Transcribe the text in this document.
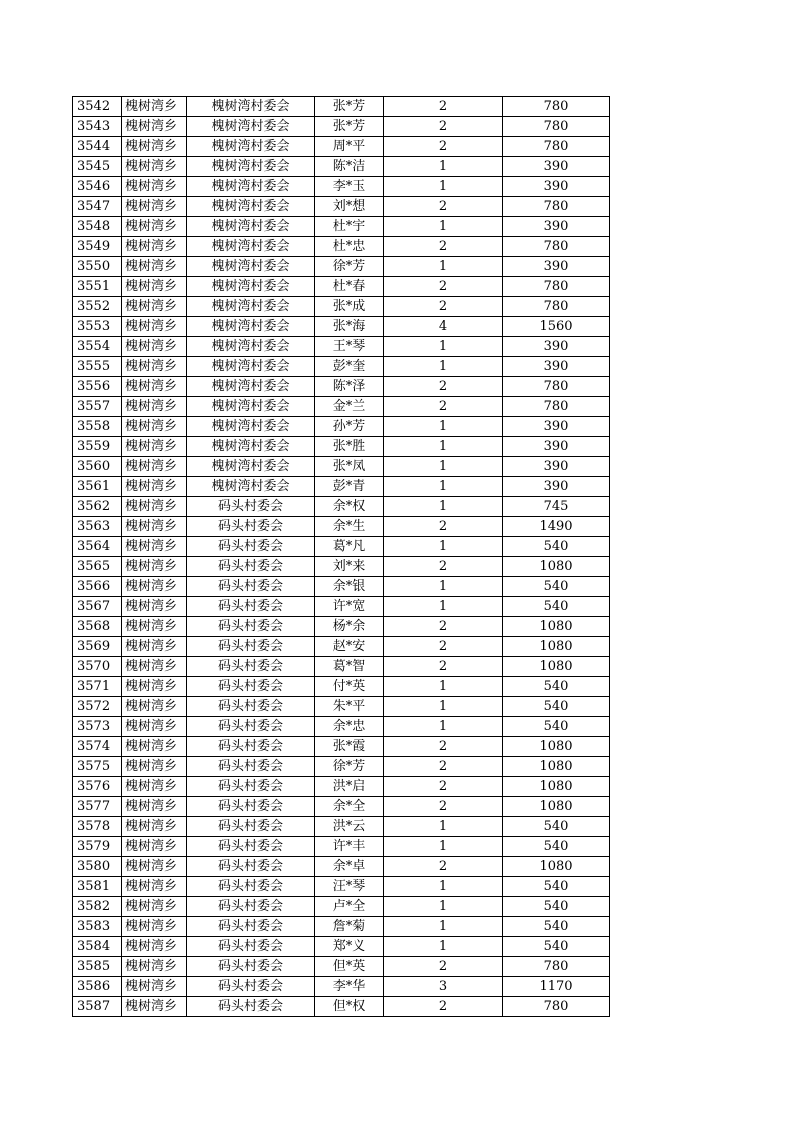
3542	槐树湾乡	槐树湾村委会	张*芳	2	780
3543	槐树湾乡	槐树湾村委会	张*芳	2	780
3544	槐树湾乡	槐树湾村委会	周*平	2	780
3545	槐树湾乡	槐树湾村委会	陈*洁	1	390
3546	槐树湾乡	槐树湾村委会	李*玉	1	390
3547	槐树湾乡	槐树湾村委会	刘*想	2	780
3548	槐树湾乡	槐树湾村委会	杜*宇	1	390
3549	槐树湾乡	槐树湾村委会	杜*忠	2	780
3550	槐树湾乡	槐树湾村委会	徐*芳	1	390
3551	槐树湾乡	槐树湾村委会	杜*春	2	780
3552	槐树湾乡	槐树湾村委会	张*成	2	780
3553	槐树湾乡	槐树湾村委会	张*海	4	1560
3554	槐树湾乡	槐树湾村委会	王*琴	1	390
3555	槐树湾乡	槐树湾村委会	彭*奎	1	390
3556	槐树湾乡	槐树湾村委会	陈*泽	2	780
3557	槐树湾乡	槐树湾村委会	金*兰	2	780
3558	槐树湾乡	槐树湾村委会	孙*芳	1	390
3559	槐树湾乡	槐树湾村委会	张*胜	1	390
3560	槐树湾乡	槐树湾村委会	张*凤	1	390
3561	槐树湾乡	槐树湾村委会	彭*青	1	390
3562	槐树湾乡	码头村委会	余*权	1	745
3563	槐树湾乡	码头村委会	余*生	2	1490
3564	槐树湾乡	码头村委会	葛*凡	1	540
3565	槐树湾乡	码头村委会	刘*来	2	1080
3566	槐树湾乡	码头村委会	余*银	1	540
3567	槐树湾乡	码头村委会	许*宽	1	540
3568	槐树湾乡	码头村委会	杨*余	2	1080
3569	槐树湾乡	码头村委会	赵*安	2	1080
3570	槐树湾乡	码头村委会	葛*智	2	1080
3571	槐树湾乡	码头村委会	付*英	1	540
3572	槐树湾乡	码头村委会	朱*平	1	540
3573	槐树湾乡	码头村委会	余*忠	1	540
3574	槐树湾乡	码头村委会	张*霞	2	1080
3575	槐树湾乡	码头村委会	徐*芳	2	1080
3576	槐树湾乡	码头村委会	洪*启	2	1080
3577	槐树湾乡	码头村委会	余*全	2	1080
3578	槐树湾乡	码头村委会	洪*云	1	540
3579	槐树湾乡	码头村委会	许*丰	1	540
3580	槐树湾乡	码头村委会	余*卓	2	1080
3581	槐树湾乡	码头村委会	汪*琴	1	540
3582	槐树湾乡	码头村委会	卢*全	1	540
3583	槐树湾乡	码头村委会	詹*菊	1	540
3584	槐树湾乡	码头村委会	郑*义	1	540
3585	槐树湾乡	码头村委会	但*英	2	780
3586	槐树湾乡	码头村委会	李*华	3	1170
3587	槐树湾乡	码头村委会	但*权	2	780
